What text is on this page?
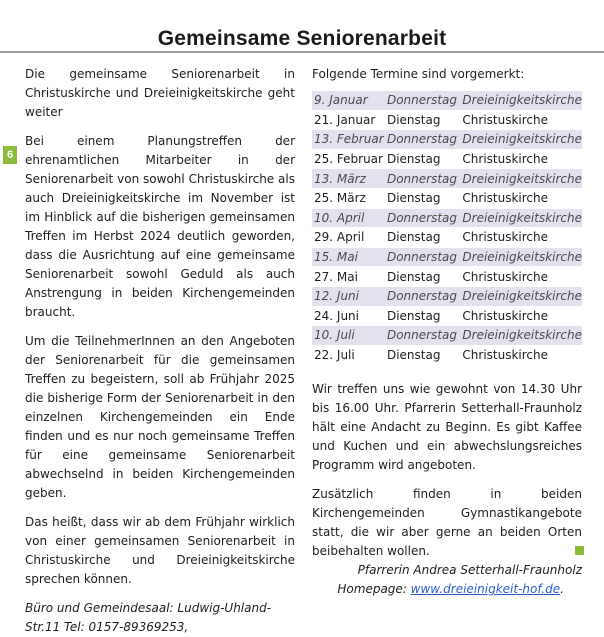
Gemeinsame Seniorenarbeit
6

Die gemeinsame Seniorenarbeit in Christuskirche und Dreieinigkeitskirche geht weiter

Bei einem Planungstreffen der ehrenamtlichen Mitarbeiter in der Seniorenarbeit von sowohl Christuskirche als auch Dreieinigkeitskirche im November ist im Hinblick auf die bisherigen gemeinsamen Treffen im Herbst 2024 deutlich geworden, dass die Ausrichtung auf eine gemeinsame Seniorenarbeit sowohl Geduld als auch Anstrengung in beiden Kirchengemeinden braucht.

Um die TeilnehmerInnen an den Angeboten der Seniorenarbeit für die gemeinsamen Treffen zu begeistern, soll ab Frühjahr 2025 die bisherige Form der Seniorenarbeit in den einzelnen Kirchengemeinden ein Ende finden und es nur noch gemeinsame Treffen für eine gemeinsame Seniorenarbeit abwechselnd in beiden Kirchengemeinden geben.

Das heißt, dass wir ab dem Frühjahr wirklich von einer gemeinsamen Seniorenarbeit in Christuskirche und Dreieinigkeitskirche sprechen können.

Büro und Gemeindesaal: Ludwig-Uhland-
Str.11 Tel: 0157-89369253,
Folgende Termine sind vorgemerkt:
9. Januar	Donnerstag	Dreieinigkeitskirche
21. Januar	Dienstag	Christuskirche
13. Februar	Donnerstag	Dreieinigkeitskirche
25. Februar	Dienstag	Christuskirche
13. März	Donnerstag	Dreieinigkeitskirche
25. März	Dienstag	Christuskirche
10. April	Donnerstag	Dreieinigkeitskirche
29. April	Dienstag	Christuskirche
15. Mai	Donnerstag	Dreieinigkeitskirche
27. Mai	Dienstag	Christuskirche
12. Juni	Donnerstag	Dreieinigkeitskirche
24. Juni	Dienstag	Christuskirche
10. Juli	Donnerstag	Dreieinigkeitskirche
22. Juli	Dienstag	Christuskirche
Wir treffen uns wie gewohnt von 14.30 Uhr bis 16.00 Uhr. Pfarrerin Setterhall-Fraunholz hält eine Andacht zu Beginn. Es gibt Kaffee und Kuchen und ein abwechslungsreiches Programm wird angeboten.
Zusätzlich finden in beiden Kirchengemeinden Gymnastikangebote statt, die wir aber gerne an beiden Orten beibehalten wollen.
Pfarrerin Andrea Setterhall-Fraunholz
Homepage: www.dreieinigkeit-hof.de.
